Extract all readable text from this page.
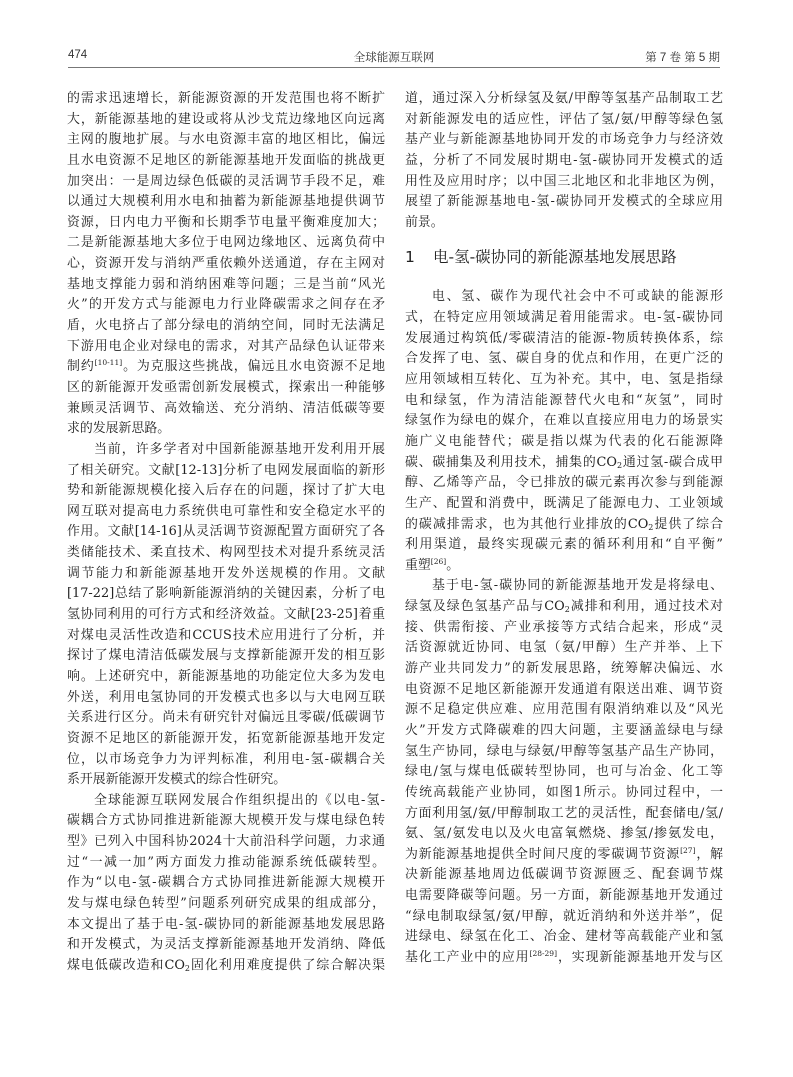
474	全球能源互联网	第 7 卷 第 5 期
的需求迅速增长，新能源资源的开发范围也将不断扩
大，新能源基地的建设或将从沙戈荒边缘地区向远离
主网的腹地扩展。与水电资源丰富的地区相比，偏远
且水电资源不足地区的新能源基地开发面临的挑战更
加突出：一是周边绿色低碳的灵活调节手段不足，难
以通过大规模利用水电和抽蓄为新能源基地提供调节
资源，日内电力平衡和长期季节电量平衡难度加大；
二是新能源基地大多位于电网边缘地区、远离负荷中
心，资源开发与消纳严重依赖外送通道，存在主网对
基地支撑能力弱和消纳困难等问题；三是当前“风光
火”的开发方式与能源电力行业降碳需求之间存在矛
盾，火电挤占了部分绿电的消纳空间，同时无法满足
下游用电企业对绿电的需求，对其产品绿色认证带来
制约[10-11]。为克服这些挑战，偏远且水电资源不足地
区的新能源开发亟需创新发展模式，探索出一种能够
兼顾灵活调节、高效输送、充分消纳、清洁低碳等要
求的发展新思路。
当前，许多学者对中国新能源基地开发利用开展
了相关研究。文献[12-13]分析了电网发展面临的新形
势和新能源规模化接入后存在的问题，探讨了扩大电
网互联对提高电力系统供电可靠性和安全稳定水平的
作用。文献[14-16]从灵活调节资源配置方面研究了各
类储能技术、柔直技术、构网型技术对提升系统灵活
调节能力和新能源基地开发外送规模的作用。文献
[17-22]总结了影响新能源消纳的关键因素，分析了电
氢协同利用的可行方式和经济效益。文献[23-25]着重
对煤电灵活性改造和CCUS技术应用进行了分析，并
探讨了煤电清洁低碳发展与支撑新能源开发的相互影
响。上述研究中，新能源基地的功能定位大多为发电
外送，利用电氢协同的开发模式也多以与大电网互联
关系进行区分。尚未有研究针对偏远且零碳/低碳调节
资源不足地区的新能源开发，拓宽新能源基地开发定
位，以市场竞争力为评判标准，利用电-氢-碳耦合关
系开展新能源开发模式的综合性研究。
全球能源互联网发展合作组织提出的《以电-氢-
碳耦合方式协同推进新能源大规模开发与煤电绿色转
型》已列入中国科协2024十大前沿科学问题，力求通
过“一减一加”两方面发力推动能源系统低碳转型。
作为“以电-氢-碳耦合方式协同推进新能源大规模开
发与煤电绿色转型”问题系列研究成果的组成部分，
本文提出了基于电-氢-碳协同的新能源基地发展思路
和开发模式，为灵活支撑新能源基地开发消纳、降低
煤电低碳改造和$CO_2$固化利用难度提供了综合解决渠
道，通过深入分析绿氢及氨/甲醇等氢基产品制取工艺
对新能源发电的适应性，评估了氢/氨/甲醇等绿色氢
基产业与新能源基地协同开发的市场竞争力与经济效
益，分析了不同发展时期电-氢-碳协同开发模式的适
用性及应用时序；以中国三北地区和北非地区为例，
展望了新能源基地电-氢-碳协同开发模式的全球应用
前景。
1 电-氢-碳协同的新能源基地发展思路
电、氢、碳作为现代社会中不可或缺的能源形
式，在特定应用领域满足着用能需求。电-氢-碳协同
发展通过构筑低/零碳清洁的能源-物质转换体系，综
合发挥了电、氢、碳自身的优点和作用，在更广泛的
应用领域相互转化、互为补充。其中，电、氢是指绿
电和绿氢，作为清洁能源替代火电和“灰氢”，同时
绿氢作为绿电的媒介，在难以直接应用电力的场景实
施广义电能替代；碳是指以煤为代表的化石能源降
碳、碳捕集及利用技术，捕集的$CO_2$通过氢-碳合成甲
醇、乙烯等产品，令已排放的碳元素再次参与到能源
生产、配置和消费中，既满足了能源电力、工业领域
的碳减排需求，也为其他行业排放的$CO_2$提供了综合
利用渠道，最终实现碳元素的循环利用和“自平衡”
重塑[26]。
基于电-氢-碳协同的新能源基地开发是将绿电、
绿氢及绿色氢基产品与$CO_2$减排和利用，通过技术对
接、供需衔接、产业承接等方式结合起来，形成“灵
活资源就近协同、电氢（氨/甲醇）生产并举、上下
游产业共同发力”的新发展思路，统筹解决偏远、水
电资源不足地区新能源开发通道有限送出难、调节资
源不足稳定供应难、应用范围有限消纳难以及“风光
火”开发方式降碳难的四大问题，主要涵盖绿电与绿
氢生产协同，绿电与绿氨/甲醇等氢基产品生产协同，
绿电/氢与煤电低碳转型协同，也可与冶金、化工等
传统高载能产业协同，如图1所示。协同过程中，一
方面利用氢/氨/甲醇制取工艺的灵活性，配套储电/氢/
氨、氢/氨发电以及火电富氧燃烧、掺氢/掺氨发电，
为新能源基地提供全时间尺度的零碳调节资源[27]，解
决新能源基地周边低碳调节资源匮乏、配套调节煤
电需要降碳等问题。另一方面，新能源基地开发通过
“绿电制取绿氢/氨/甲醇，就近消纳和外送并举”，促
进绿电、绿氢在化工、冶金、建材等高载能产业和氢
基化工产业中的应用[28-29]，实现新能源基地开发与区
